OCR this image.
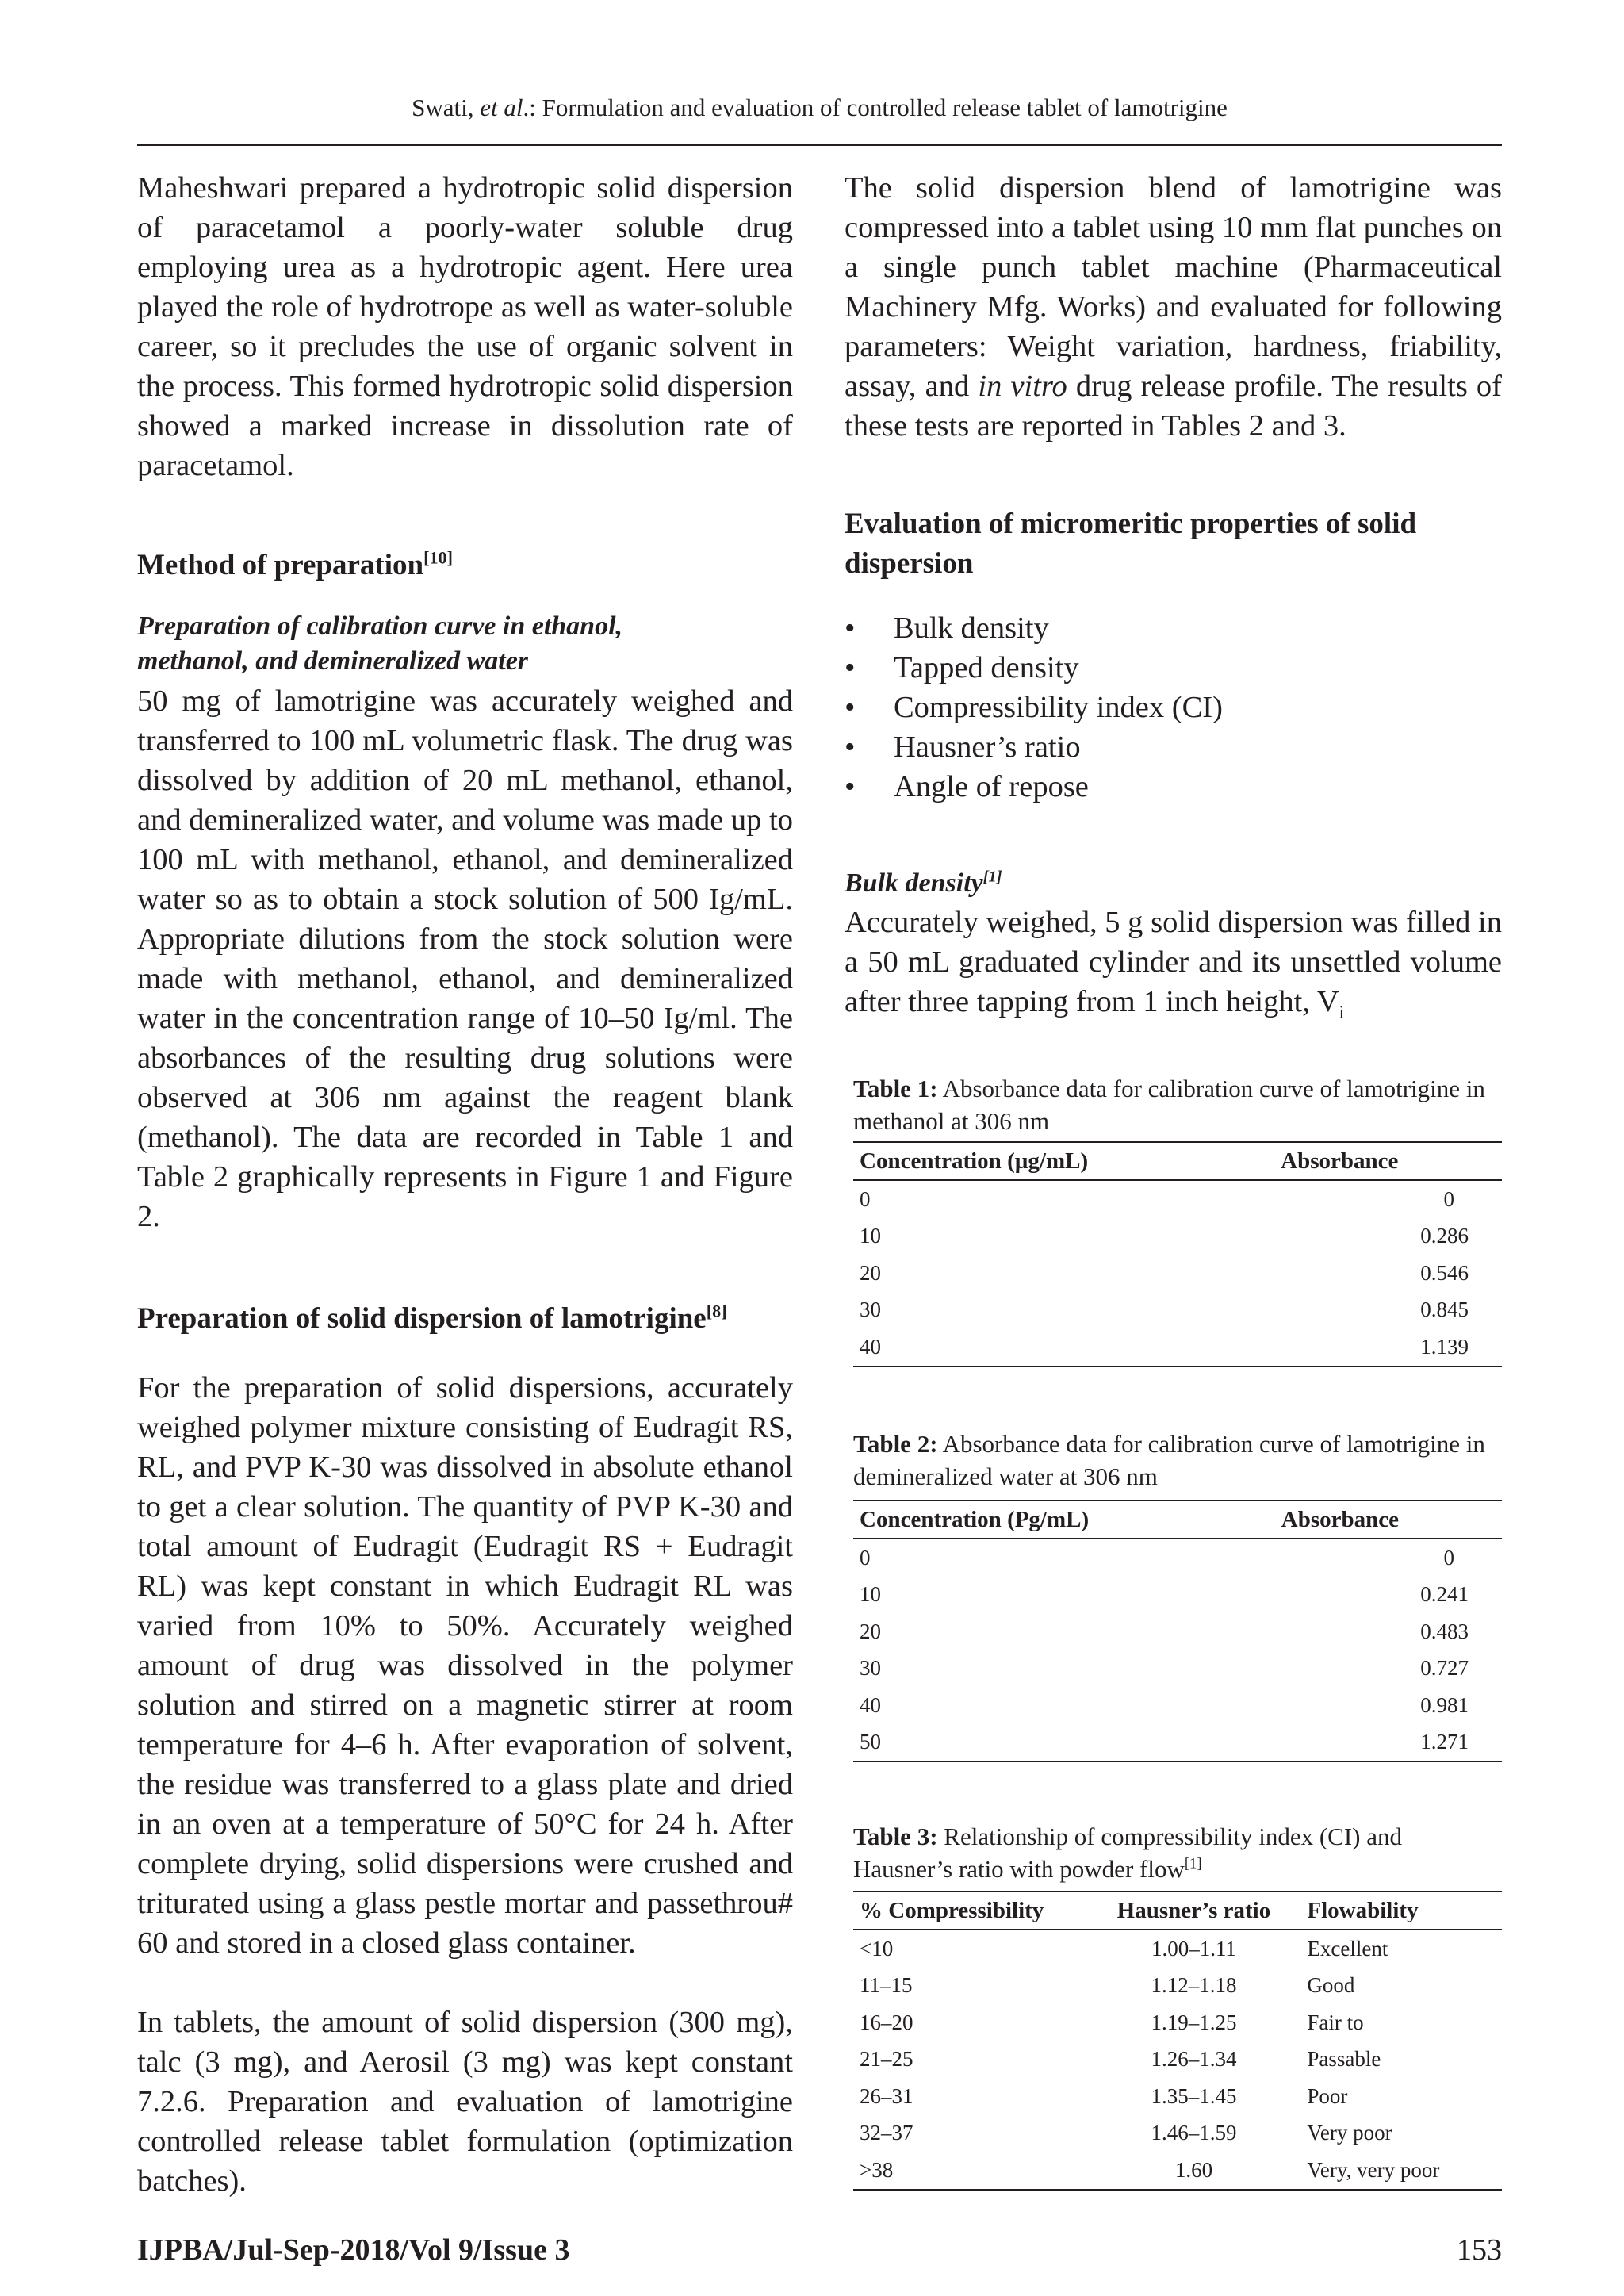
Swati, et al.: Formulation and evaluation of controlled release tablet of lamotrigine
Maheshwari prepared a hydrotropic solid dispersion of paracetamol a poorly-water soluble drug employing urea as a hydrotropic agent. Here urea played the role of hydrotrope as well as water-soluble career, so it precludes the use of organic solvent in the process. This formed hydrotropic solid dispersion showed a marked increase in dissolution rate of paracetamol.
Method of preparation[10]
Preparation of calibration curve in ethanol, methanol, and demineralized water
50 mg of lamotrigine was accurately weighed and transferred to 100 mL volumetric flask. The drug was dissolved by addition of 20 mL methanol, ethanol, and demineralized water, and volume was made up to 100 mL with methanol, ethanol, and demineralized water so as to obtain a stock solution of 500 Ig/mL. Appropriate dilutions from the stock solution were made with methanol, ethanol, and demineralized water in the concentration range of 10–50 Ig/ml. The absorbances of the resulting drug solutions were observed at 306 nm against the reagent blank (methanol). The data are recorded in Table 1 and Table 2 graphically represents in Figure 1 and Figure 2.
Preparation of solid dispersion of lamotrigine[8]
For the preparation of solid dispersions, accurately weighed polymer mixture consisting of Eudragit RS, RL, and PVP K-30 was dissolved in absolute ethanol to get a clear solution. The quantity of PVP K-30 and total amount of Eudragit (Eudragit RS + Eudragit RL) was kept constant in which Eudragit RL was varied from 10% to 50%. Accurately weighed amount of drug was dissolved in the polymer solution and stirred on a magnetic stirrer at room temperature for 4–6 h. After evaporation of solvent, the residue was transferred to a glass plate and dried in an oven at a temperature of 50°C for 24 h. After complete drying, solid dispersions were crushed and triturated using a glass pestle mortar and passethrou# 60 and stored in a closed glass container.
In tablets, the amount of solid dispersion (300 mg), talc (3 mg), and Aerosil (3 mg) was kept constant 7.2.6. Preparation and evaluation of lamotrigine controlled release tablet formulation (optimization batches).
The solid dispersion blend of lamotrigine was compressed into a tablet using 10 mm flat punches on a single punch tablet machine (Pharmaceutical Machinery Mfg. Works) and evaluated for following parameters: Weight variation, hardness, friability, assay, and in vitro drug release profile. The results of these tests are reported in Tables 2 and 3.
Evaluation of micromeritic properties of solid dispersion
• Bulk density
• Tapped density
• Compressibility index (CI)
• Hausner’s ratio
• Angle of repose
Bulk density[1]
Accurately weighed, 5 g solid dispersion was filled in a 50 mL graduated cylinder and its unsettled volume after three tapping from 1 inch height, $V_i$
Table 1: Absorbance data for calibration curve of lamotrigine in methanol at 306 nm
Concentration (µg/mL)	Absorbance
0	0
10	0.286
20	0.546
30	0.845
40	1.139
Table 2: Absorbance data for calibration curve of lamotrigine in demineralized water at 306 nm
Concentration (Pg/mL)	Absorbance
0	0
10	0.241
20	0.483
30	0.727
40	0.981
50	1.271
Table 3: Relationship of compressibility index (CI) and Hausner’s ratio with powder flow[1]
% Compressibility	Hausner’s ratio	Flowability
<10	1.00–1.11	Excellent
11–15	1.12–1.18	Good
16–20	1.19–1.25	Fair to
21–25	1.26–1.34	Passable
26–31	1.35–1.45	Poor
32–37	1.46–1.59	Very poor
>38	1.60	Very, very poor
IJPBA/Jul-Sep-2018/Vol 9/Issue 3	153
